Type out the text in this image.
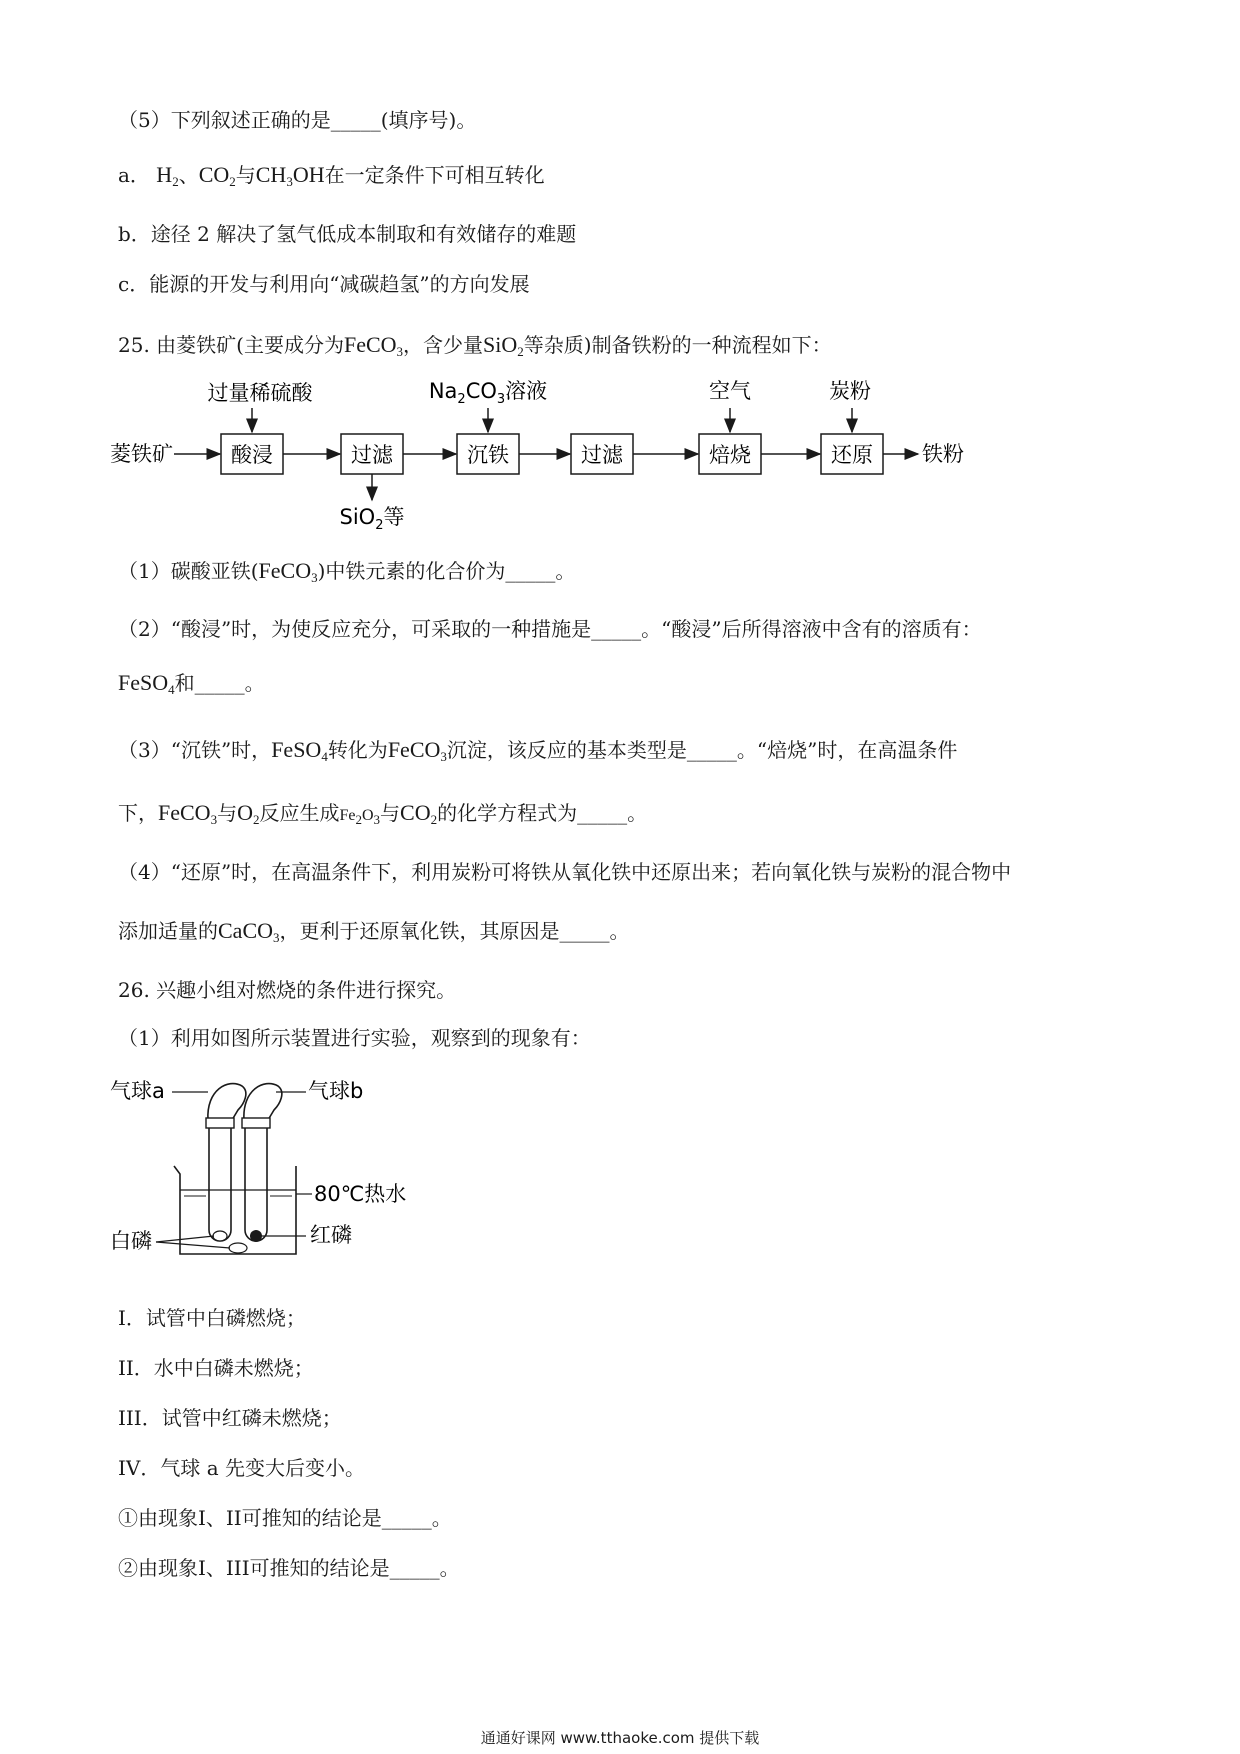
（5）下列叙述正确的是_____(填序号)。
a． $H_2$、$CO_2$与$CH_3OH$在一定条件下可相互转化
b．途径 2 解决了氢气低成本制取和有效储存的难题
c．能源的开发与利用向“减碳趋氢”的方向发展
25. 由菱铁矿(主要成分为FeCO$_3$，含少量SiO$_2$等杂质)制备铁粉的一种流程如下：
过量稀硫酸	$Na_2CO_3$溶液	空气	炭粉
菱铁矿	酸浸	过滤	沉铁	过滤	焙烧	还原 铁粉
SiO$_2$等
（1）碳酸亚铁(FeCO$_3$)中铁元素的化合价为_____。
（2）“酸浸”时，为使反应充分，可采取的一种措施是_____。“酸浸”后所得溶液中含有的溶质有：
FeSO$_4$和_____。
（3）“沉铁”时，FeSO$_4$转化为FeCO$_3$沉淀，该反应的基本类型是_____。“焙烧”时，在高温条件
下，FeCO$_3$与$O_2$反应生成$Fe_2O_3$与$CO_2$的化学方程式为_____。
（4）“还原”时，在高温条件下，利用炭粉可将铁从氧化铁中还原出来；若向氧化铁与炭粉的混合物中
添加适量的CaCO$_3$，更利于还原氧化铁，其原因是_____。
26. 兴趣小组对燃烧的条件进行探究。
（1）利用如图所示装置进行实验，观察到的现象有：
气球a	气球b
80℃热水
红磷
白磷
I．试管中白磷燃烧；
II．水中白磷未燃烧；
III．试管中红磷未燃烧；
IV．气球 a 先变大后变小。
①由现象I、II可推知的结论是_____。
②由现象I、III可推知的结论是_____。
通通好课网 www.tthaoke.com 提供下载
